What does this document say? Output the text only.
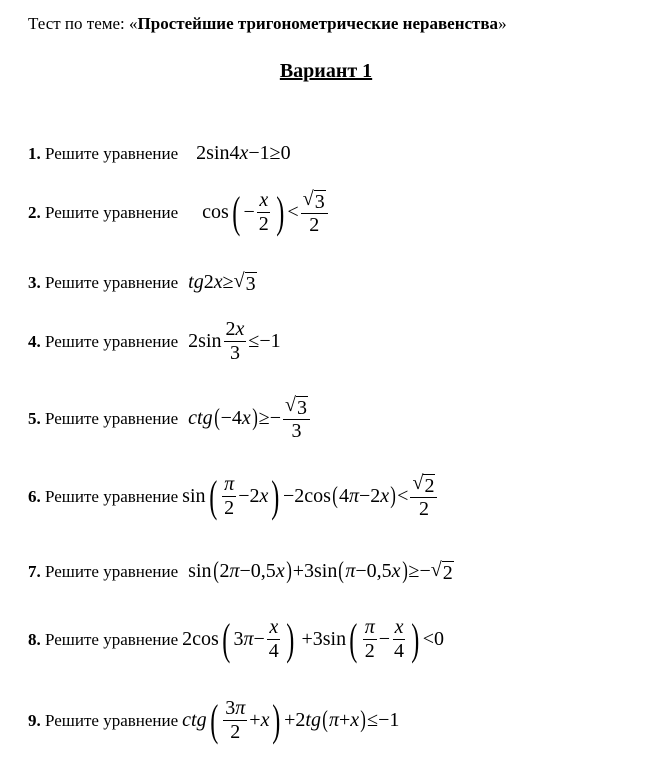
Тест по теме: «Простейшие тригонометрические неравенства»
Вариант 1
1.
Решите уравнение 2sin4 x −1≥0
2.
Решите уравнение cos ( − $\frac{x}{2}$ ) < $\frac{√ 3}{2}$
3.
Решите уравнение tg 2 x ≥ √ 3
4.
Решите уравнение $2\sin \frac{2x}{3} \le-1$
5.
Решите уравнение ctg ( −4 x ) ≥− $\frac{√ 3}{3}$
6.
Решите уравнение sin ( $\frac{\pi}{2} -2$ x ) −2cos ( 4 π −2 x ) < $\frac{√ 2}{2}$
7.
Решите уравнение sin ( 2 π −0,5 x ) +3sin ( π −0,5 x ) ≥− √ 2
8.
Решите уравнение 2cos ( 3 $\pi - \frac{x}{4}$ ) +3sin ( $\frac{\pi}{2} - \frac{x}{4}$ ) <0
9.
Решите уравнение ctg ( $\frac{3\pi}{2} + x$ ) +2 tg ( π + x ) ≤−1
